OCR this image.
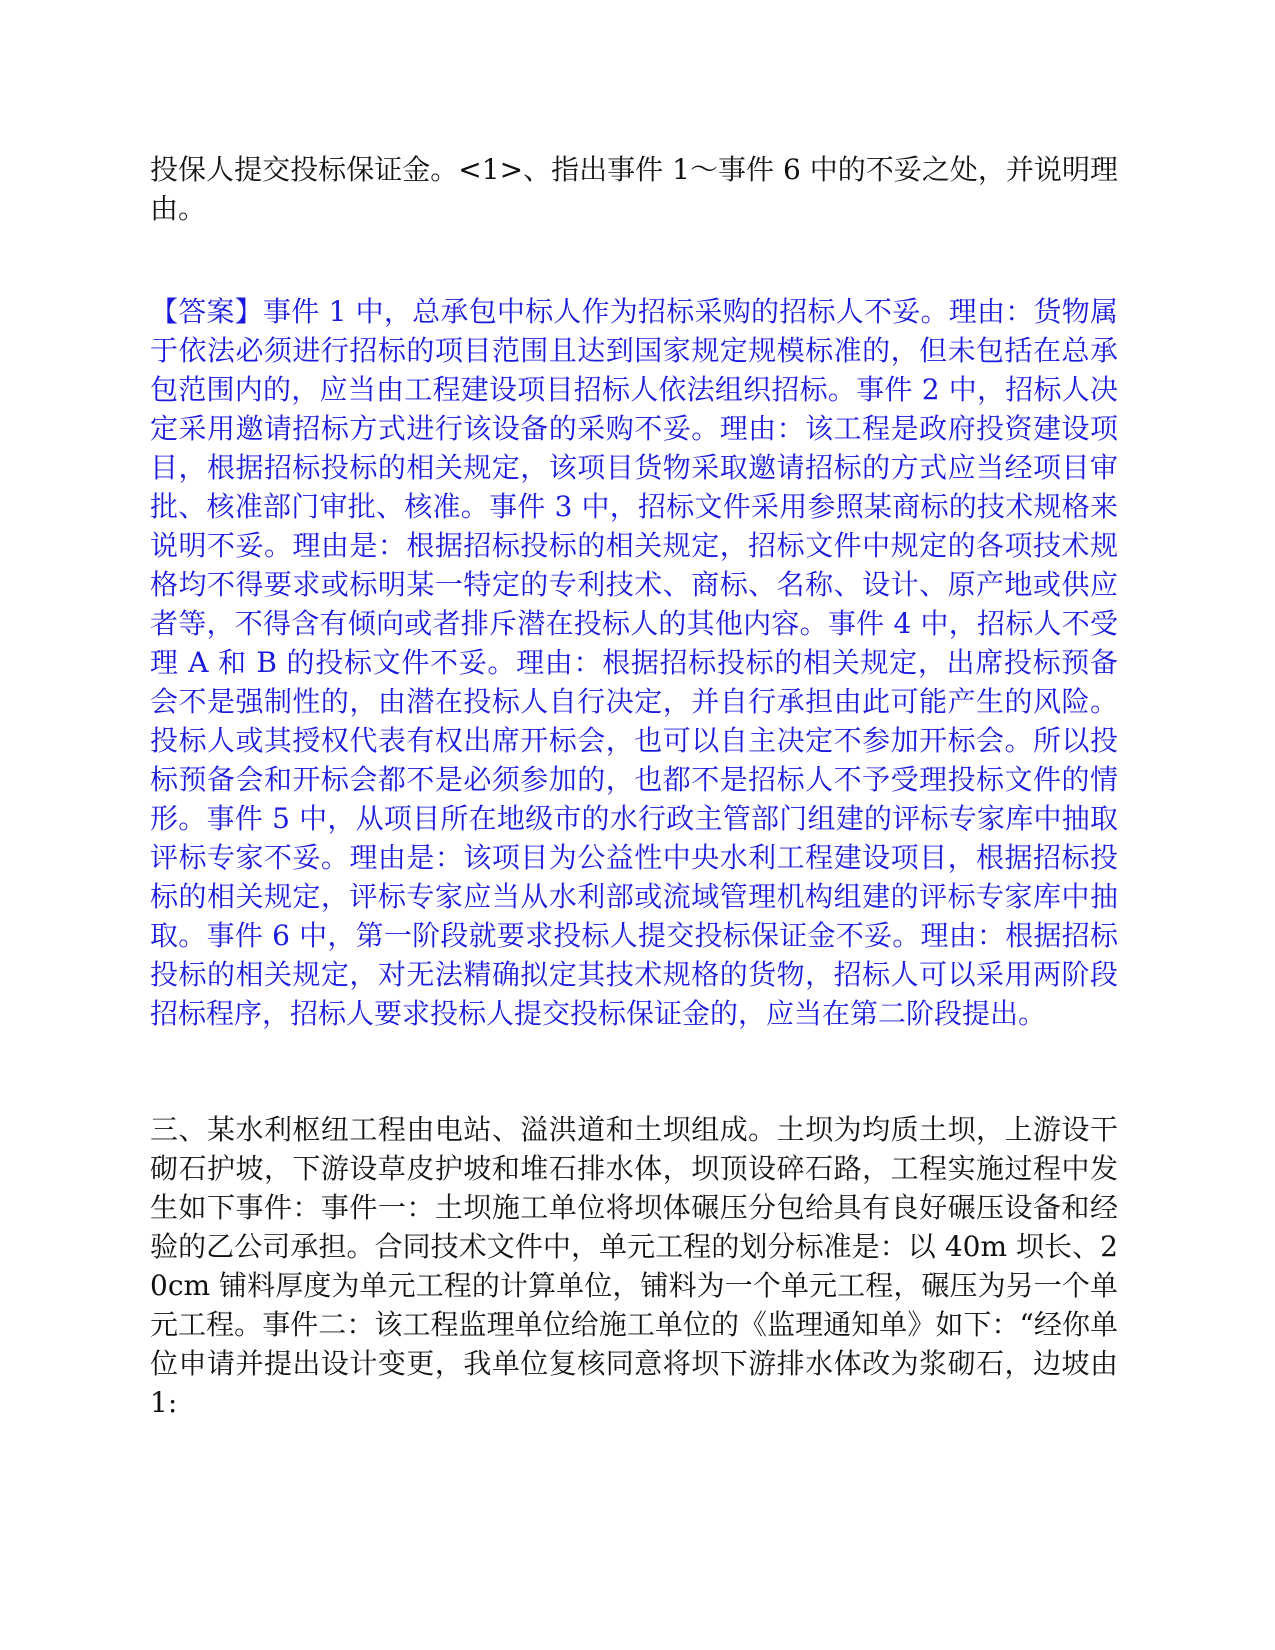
投保人提交投标保证金。<1>、指出事件 1～事件 6 中的不妥之处，并说明理由。

【答案】事件 1 中，总承包中标人作为招标采购的招标人不妥。理由：货物属于依法必须进行招标的项目范围且达到国家规定规模标准的，但未包括在总承包范围内的，应当由工程建设项目招标人依法组织招标。事件 2 中，招标人决定采用邀请招标方式进行该设备的采购不妥。理由：该工程是政府投资建设项目，根据招标投标的相关规定，该项目货物采取邀请招标的方式应当经项目审批、核准部门审批、核准。事件 3 中，招标文件采用参照某商标的技术规格来说明不妥。理由是：根据招标投标的相关规定，招标文件中规定的各项技术规格均不得要求或标明某一特定的专利技术、商标、名称、设计、原产地或供应者等，不得含有倾向或者排斥潜在投标人的其他内容。事件 4 中，招标人不受理 A 和 B 的投标文件不妥。理由：根据招标投标的相关规定，出席投标预备会不是强制性的，由潜在投标人自行决定，并自行承担由此可能产生的风险。投标人或其授权代表有权出席开标会，也可以自主决定不参加开标会。所以投标预备会和开标会都不是必须参加的，也都不是招标人不予受理投标文件的情形。事件 5 中，从项目所在地级市的水行政主管部门组建的评标专家库中抽取评标专家不妥。理由是：该项目为公益性中央水利工程建设项目，根据招标投标的相关规定，评标专家应当从水利部或流域管理机构组建的评标专家库中抽取。事件 6 中，第一阶段就要求投标人提交投标保证金不妥。理由：根据招标投标的相关规定，对无法精确拟定其技术规格的货物，招标人可以采用两阶段招标程序，招标人要求投标人提交投标保证金的，应当在第二阶段提出。

三、某水利枢纽工程由电站、溢洪道和土坝组成。土坝为均质土坝，上游设干砌石护坡，下游设草皮护坡和堆石排水体，坝顶设碎石路，工程实施过程中发生如下事件：事件一：土坝施工单位将坝体碾压分包给具有良好碾压设备和经验的乙公司承担。合同技术文件中，单元工程的划分标准是：以 40m 坝长、20cm 铺料厚度为单元工程的计算单位，铺料为一个单元工程，碾压为另一个单元工程。事件二：该工程监理单位给施工单位的《监理通知单》如下：“经你单位申请并提出设计变更，我单位复核同意将坝下游排水体改为浆砌石，边坡由 1:
